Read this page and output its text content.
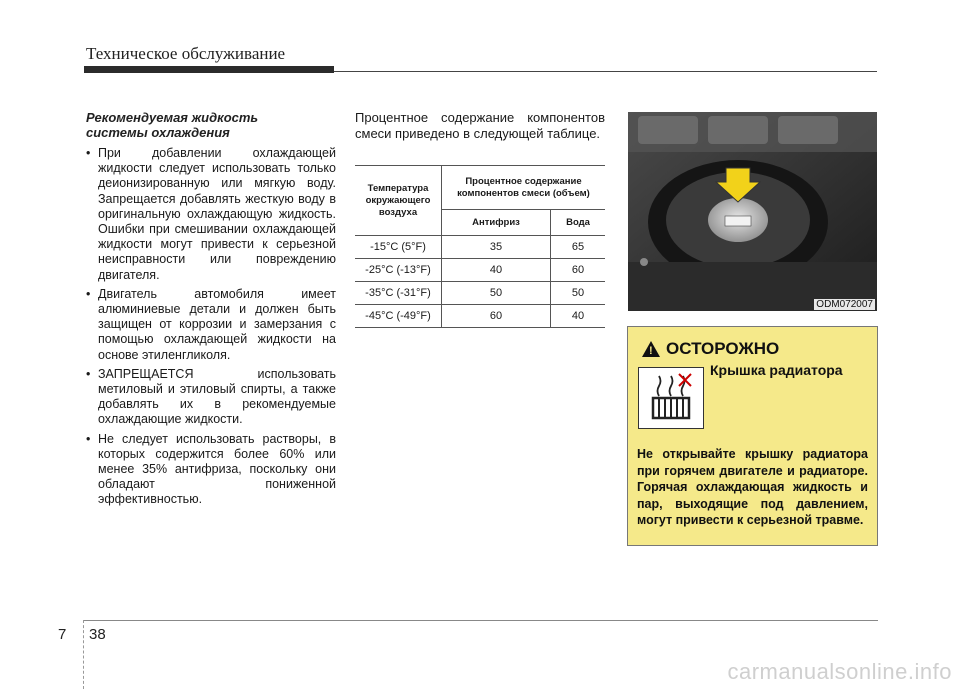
Техническое обслуживание

Рекомендуемая жидкость
системы охлаждения

• При добавлении охлаждающей жидкости следует использовать только деионизированную или мягкую воду. Запрещается добавлять жесткую воду в оригинальную охлаждающую жидкость. Ошибки при смешивании охлаждающей жидкости могут привести к серьезной неисправности или повреждению двигателя.
• Двигатель автомобиля имеет алюминиевые детали и должен быть защищен от коррозии и замерзания с помощью охлаждающей жидкости на основе этиленгликоля.
• ЗАПРЕЩАЕТСЯ использовать метиловый и этиловый спирты, а также добавлять их в рекомендуемые охлаждающие жидкости.
• Не следует использовать растворы, в которых содержится более 60% или менее 35% антифриза, поскольку они обладают пониженной эффективностью.

Процентное содержание компонентов смеси приведено в следующей таблице.

Температура окружающего воздуха	Процентное содержание компонентов смеси (объем)	
	Антифриз	Вода
-15°C (5°F)	35	65
-25°C (-13°F)	40	60
-35°C (-31°F)	50	50
-45°C (-49°F)	60	40
ODM072007
! ОСТОРОЖНО
Крышка радиатора
Не открывайте крышку радиатора при горячем двигателе и радиаторе. Горячая охлаждающая жидкость и пар, выходящие под давлением, могут привести к серьезной травме.
7 38
carmanualsonline.info
